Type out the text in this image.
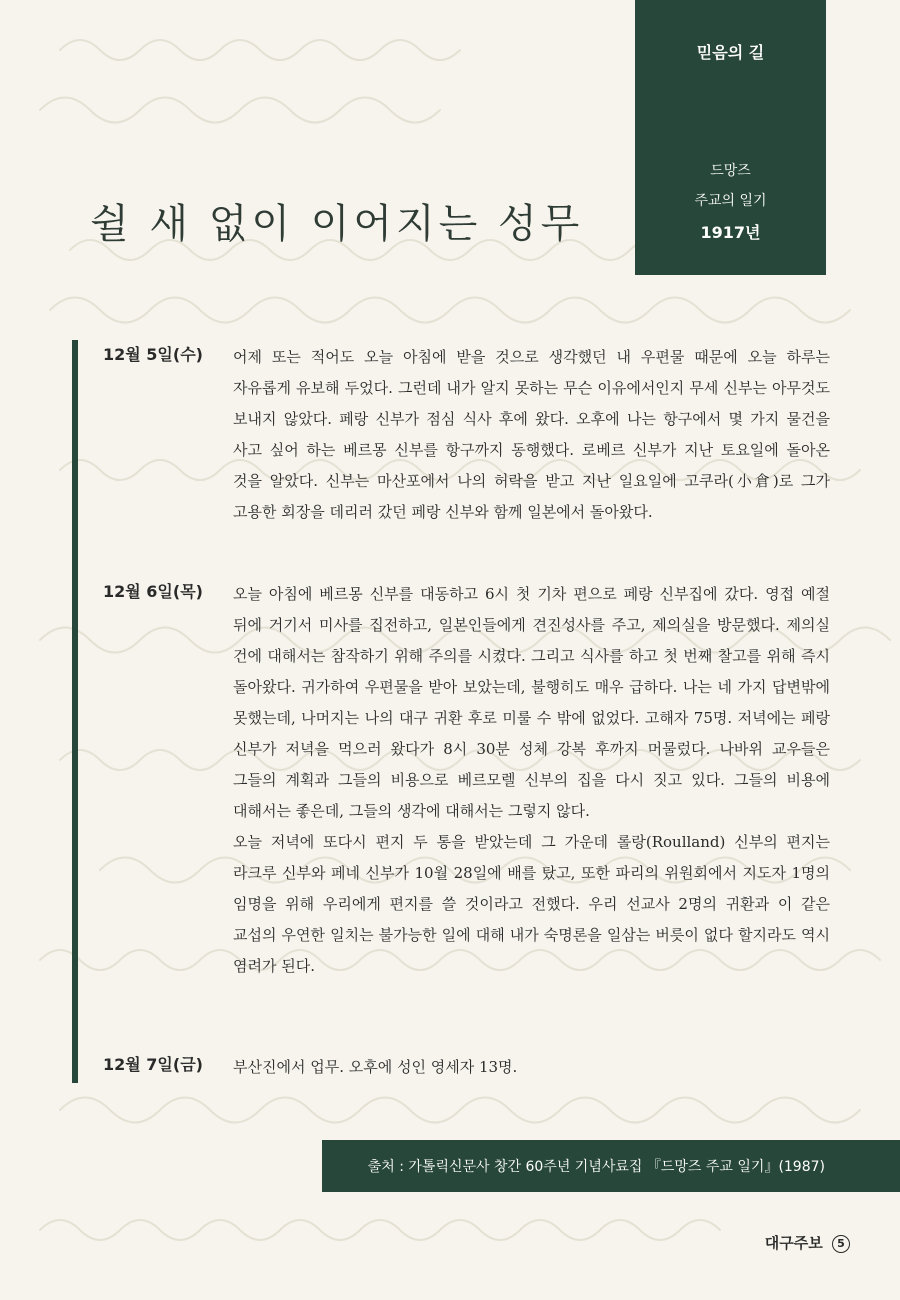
믿음의 길
드망즈
주교의 일기
1917년
쉴 새 없이 이어지는 성무
12월 5일(수)	어제 또는 적어도 오늘 아침에 받을 것으로 생각했던 내 우편물 때문에 오늘 하루는 자유롭게 유보해 두었다. 그런데 내가 알지 못하는 무슨 이유에서인지 무세 신부는 아무것도 보내지 않았다. 페랑 신부가 점심 식사 후에 왔다. 오후에 나는 항구에서 몇 가지 물건을 사고 싶어 하는 베르몽 신부를 항구까지 동행했다. 로베르 신부가 지난 토요일에 돌아온 것을 알았다. 신부는 마산포에서 나의 허락을 받고 지난 일요일에 고쿠라(小倉)로 그가 고용한 회장을 데리러 갔던 페랑 신부와 함께 일본에서 돌아왔다.

12월 6일(목)	오늘 아침에 베르몽 신부를 대동하고 6시 첫 기차 편으로 페랑 신부집에 갔다. 영접 예절 뒤에 거기서 미사를 집전하고, 일본인들에게 견진성사를 주고, 제의실을 방문했다. 제의실 건에 대해서는 참작하기 위해 주의를 시켰다. 그리고 식사를 하고 첫 번째 찰고를 위해 즉시 돌아왔다. 귀가하여 우편물을 받아 보았는데, 불행히도 매우 급하다. 나는 네 가지 답변밖에 못했는데, 나머지는 나의 대구 귀환 후로 미룰 수 밖에 없었다. 고해자 75명. 저녁에는 페랑 신부가 저녁을 먹으러 왔다가 8시 30분 성체 강복 후까지 머물렀다. 나바위 교우들은 그들의 계획과 그들의 비용으로 베르모렐 신부의 집을 다시 짓고 있다. 그들의 비용에 대해서는 좋은데, 그들의 생각에 대해서는 그렇지 않다.

오늘 저녁에 또다시 편지 두 통을 받았는데 그 가운데 롤랑(Roulland) 신부의 편지는 라크루 신부와 페네 신부가 10월 28일에 배를 탔고, 또한 파리의 위원회에서 지도자 1명의 임명을 위해 우리에게 편지를 쓸 것이라고 전했다. 우리 선교사 2명의 귀환과 이 같은 교섭의 우연한 일치는 불가능한 일에 대해 내가 숙명론을 일삼는 버릇이 없다 할지라도 역시 염려가 된다.

12월 7일(금)	부산진에서 업무. 오후에 성인 영세자 13명.

출처 : 가톨릭신문사 창간 60주년 기념사료집 『드망즈 주교 일기』(1987)
대구주보 5
